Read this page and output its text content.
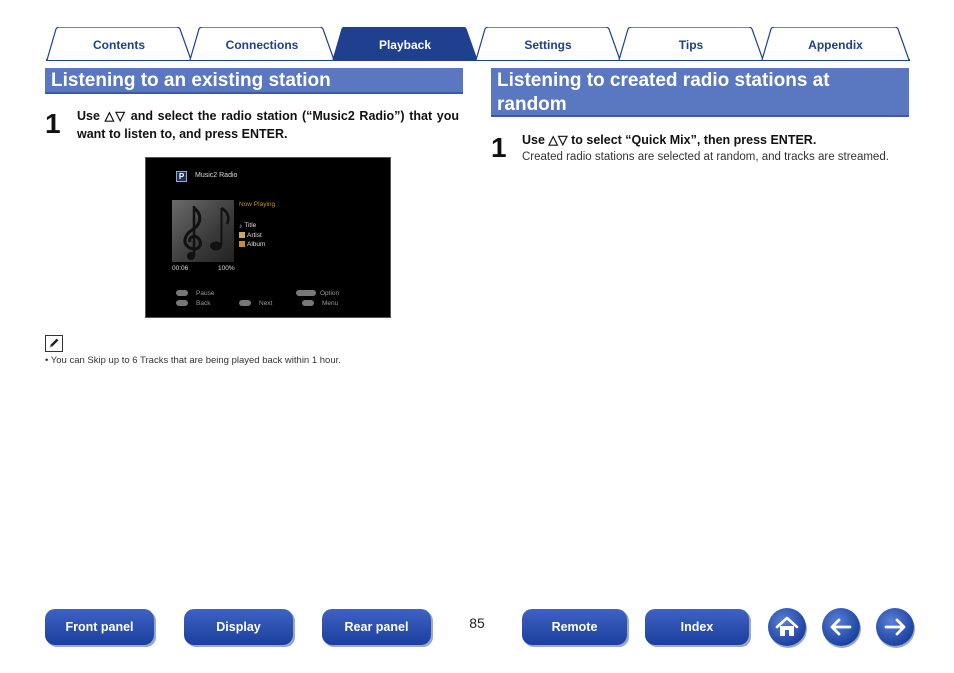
Contents	Connections	Playback	Settings	Tips	Appendix
Listening to an existing station
1 Use △▽ and select the radio station (“Music2 Radio”) that you want to listen to, and press ENTER.
P	Music2 Radio
Now Playing
♪ Title
Artist
Album
00:06	100%
Pause	Option
Back	Next	Menu
• You can Skip up to 6 Tracks that are being played back within 1 hour.
Listening to created radio stations at random
1 Use △▽ to select “Quick Mix”, then press ENTER.
Created radio stations are selected at random, and tracks are streamed.
Front panel	Display	Rear panel	85	Remote	Index
